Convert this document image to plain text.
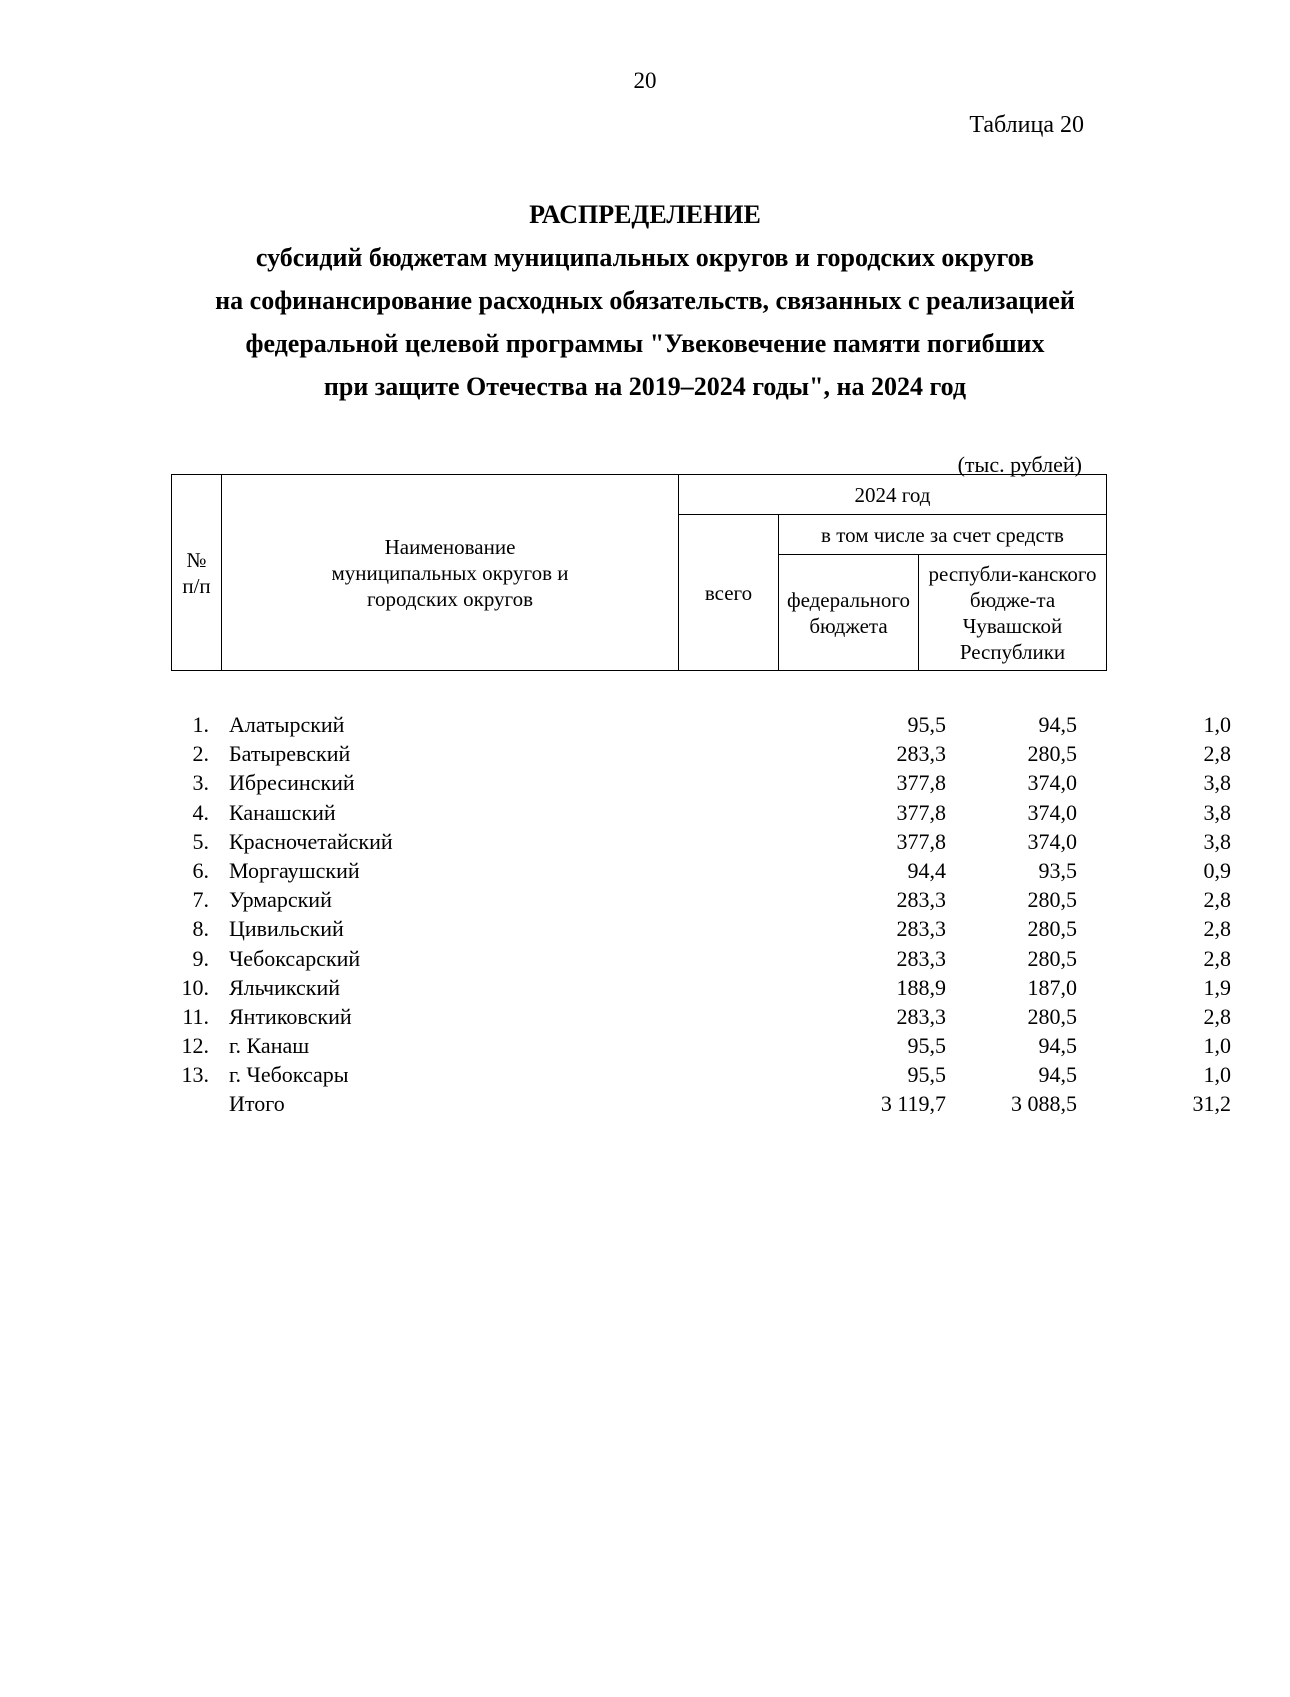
20
Таблица 20
РАСПРЕДЕЛЕНИЕ
субсидий бюджетам муниципальных округов и городских округов
на софинансирование расходных обязательств, связанных с реализацией
федеральной целевой программы "Увековечение памяти погибших
при защите Отечества на 2019–2024 годы", на 2024 год
(тыс. рублей)
№ п/п	Наименование муниципальных округов и городских округов	2024 год		
		всего	в том числе за счет средств	
			федерального бюджета	республи-канского бюдже-та Чувашской Республики
1. Алатырский	95,5	94,5	1,0
2. Батыревский	283,3	280,5	2,8
3. Ибресинский	377,8	374,0	3,8
4. Канашский	377,8	374,0	3,8
5. Красночетайский	377,8	374,0	3,8
6. Моргаушский	94,4	93,5	0,9
7. Урмарский	283,3	280,5	2,8
8. Цивильский	283,3	280,5	2,8
9. Чебоксарский	283,3	280,5	2,8
10. Яльчикский	188,9	187,0	1,9
11. Янтиковский	283,3	280,5	2,8
12. г. Канаш	95,5	94,5	1,0
13. г. Чебоксары	95,5	94,5	1,0
Итого	3 119,7	3 088,5	31,2
